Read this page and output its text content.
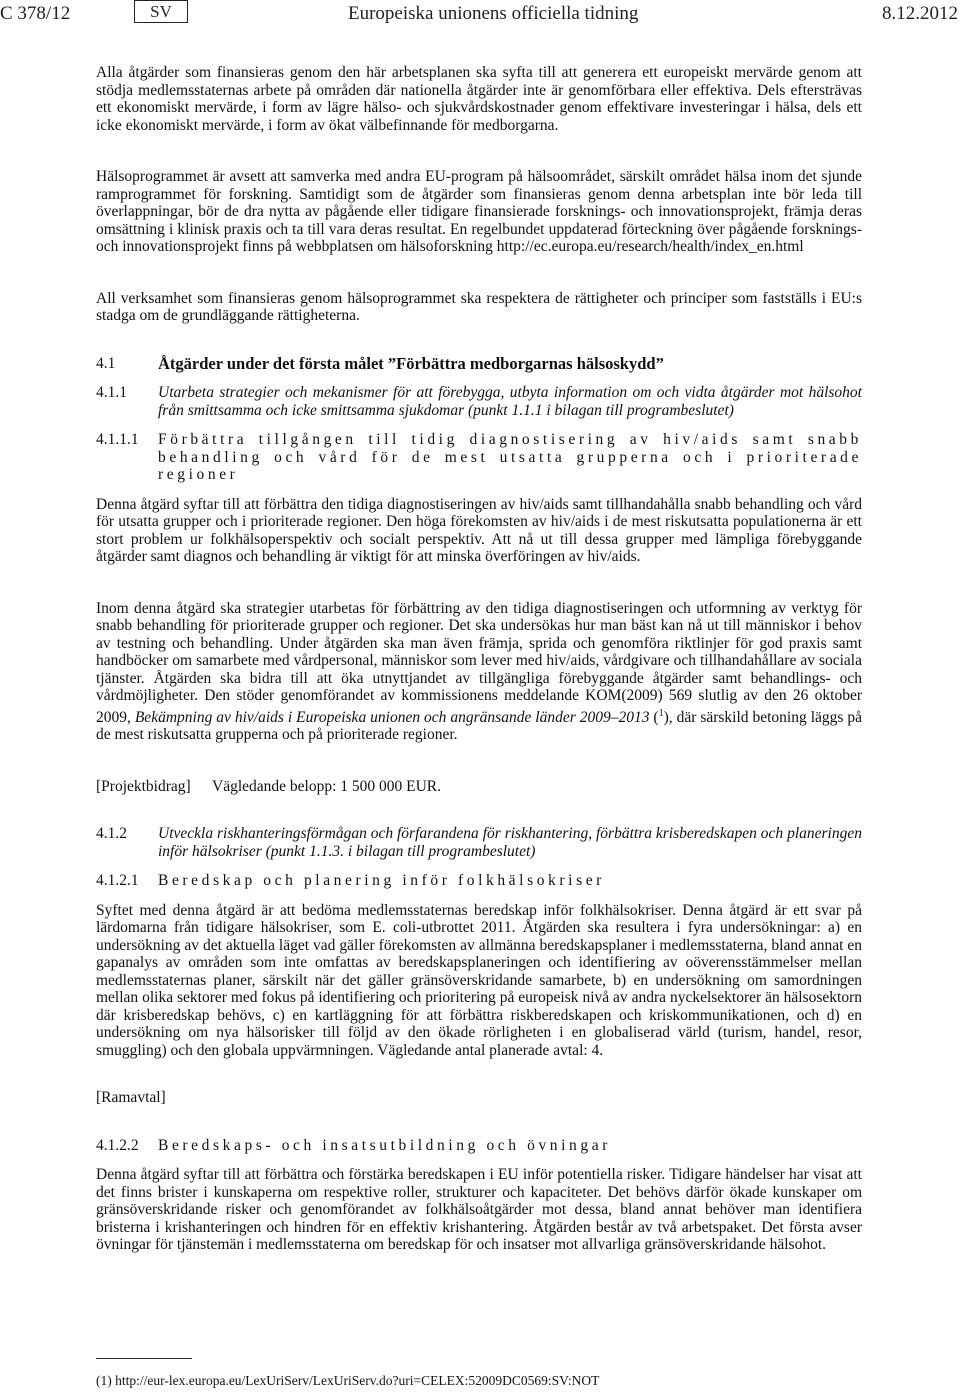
C 378/12	SV	Europeiska unionens officiella tidning	8.12.2012

Alla åtgärder som finansieras genom den här arbetsplanen ska syfta till att generera ett europeiskt mervärde genom att stödja medlemsstaternas arbete på områden där nationella åtgärder inte är genomförbara eller effektiva. Dels eftersträvas ett ekonomiskt mervärde, i form av lägre hälso- och sjukvårdskostnader genom effektivare investeringar i hälsa, dels ett icke ekonomiskt mervärde, i form av ökat välbefinnande för medborgarna.

Hälsoprogrammet är avsett att samverka med andra EU-program på hälsoområdet, särskilt området hälsa inom det sjunde ramprogrammet för forskning. Samtidigt som de åtgärder som finansieras genom denna arbetsplan inte bör leda till överlappningar, bör de dra nytta av pågående eller tidigare finansierade forsknings- och innovationsprojekt, främja deras omsättning i klinisk praxis och ta till vara deras resultat. En regelbundet uppdaterad förteckning över pågående forsknings- och innovationsprojekt finns på webbplatsen om hälsoforskning http://ec.europa.eu/research/health/index_en.html

All verksamhet som finansieras genom hälsoprogrammet ska respektera de rättigheter och principer som fastställs i EU:s stadga om de grundläggande rättigheterna.

4.1	Åtgärder under det första målet ”Förbättra medborgarnas hälsoskydd”
4.1.1	Utarbeta strategier och mekanismer för att förebygga, utbyta information om och vidta åtgärder mot hälsohot från smittsamma och icke smittsamma sjukdomar (punkt 1.1.1 i bilagan till programbeslutet)
4.1.1.1	Förbättra tillgången till tidig diagnostisering av hiv/aids samt snabb behandling och vård för de mest utsatta grupperna och i prioriterade regioner

Denna åtgärd syftar till att förbättra den tidiga diagnostiseringen av hiv/aids samt tillhandahålla snabb behandling och vård för utsatta grupper och i prioriterade regioner. Den höga förekomsten av hiv/aids i de mest riskutsatta populationerna är ett stort problem ur folkhälsoperspektiv och socialt perspektiv. Att nå ut till dessa grupper med lämpliga förebyggande åtgärder samt diagnos och behandling är viktigt för att minska överföringen av hiv/aids.

Inom denna åtgärd ska strategier utarbetas för förbättring av den tidiga diagnostiseringen och utformning av verktyg för snabb behandling för prioriterade grupper och regioner. Det ska undersökas hur man bäst kan nå ut till människor i behov av testning och behandling. Under åtgärden ska man även främja, sprida och genomföra riktlinjer för god praxis samt handböcker om samarbete med vårdpersonal, människor som lever med hiv/aids, vårdgivare och tillhandahållare av sociala tjänster. Åtgärden ska bidra till att öka utnyttjandet av tillgängliga förebyggande åtgärder samt behandlings- och vårdmöjligheter. Den stöder genomförandet av kommissionens meddelande KOM(2009) 569 slutlig av den 26 oktober 2009, Bekämpning av hiv/aids i Europeiska unionen och angränsande länder 2009–2013 ($^1$), där särskild betoning läggs på de mest riskutsatta grupperna och på prioriterade regioner.

[Projektbidrag]	Vägledande belopp: 1 500 000 EUR.
4.1.2	Utveckla riskhanteringsförmågan och förfarandena för riskhantering, förbättra krisberedskapen och planeringen inför hälsokriser (punkt 1.1.3. i bilagan till programbeslutet)
4.1.2.1	Beredskap och planering inför folkhälsokriser

Syftet med denna åtgärd är att bedöma medlemsstaternas beredskap inför folkhälsokriser. Denna åtgärd är ett svar på lärdomarna från tidigare hälsokriser, som E. coli-utbrottet 2011. Åtgärden ska resultera i fyra undersökningar: a) en undersökning av det aktuella läget vad gäller förekomsten av allmänna beredskapsplaner i medlemsstaterna, bland annat en gapanalys av områden som inte omfattas av beredskapsplaneringen och identifiering av oöverensstämmelser mellan medlemsstaternas planer, särskilt när det gäller gränsöverskridande samarbete, b) en undersökning om samordningen mellan olika sektorer med fokus på identifiering och prioritering på europeisk nivå av andra nyckelsektorer än hälsosektorn där krisberedskap behövs, c) en kartläggning för att förbättra riskberedskapen och kriskommunikationen, och d) en undersökning om nya hälsorisker till följd av den ökade rörligheten i en globaliserad värld (turism, handel, resor, smuggling) och den globala uppvärmningen. Vägledande antal planerade avtal: 4.

[Ramavtal]
4.1.2.2	Beredskaps- och insatsutbildning och övningar

Denna åtgärd syftar till att förbättra och förstärka beredskapen i EU inför potentiella risker. Tidigare händelser har visat att det finns brister i kunskaperna om respektive roller, strukturer och kapaciteter. Det behövs därför ökade kunskaper om gränsöverskridande risker och genomförandet av folkhälsoåtgärder mot dessa, bland annat behöver man identifiera bristerna i krishanteringen och hindren för en effektiv krishantering. Åtgärden består av två arbetspaket. Det första avser övningar för tjänstemän i medlemsstaterna om beredskap för och insatser mot allvarliga gränsöverskridande hälsohot.

(1) http://eur-lex.europa.eu/LexUriServ/LexUriServ.do?uri=CELEX:52009DC0569:SV:NOT
